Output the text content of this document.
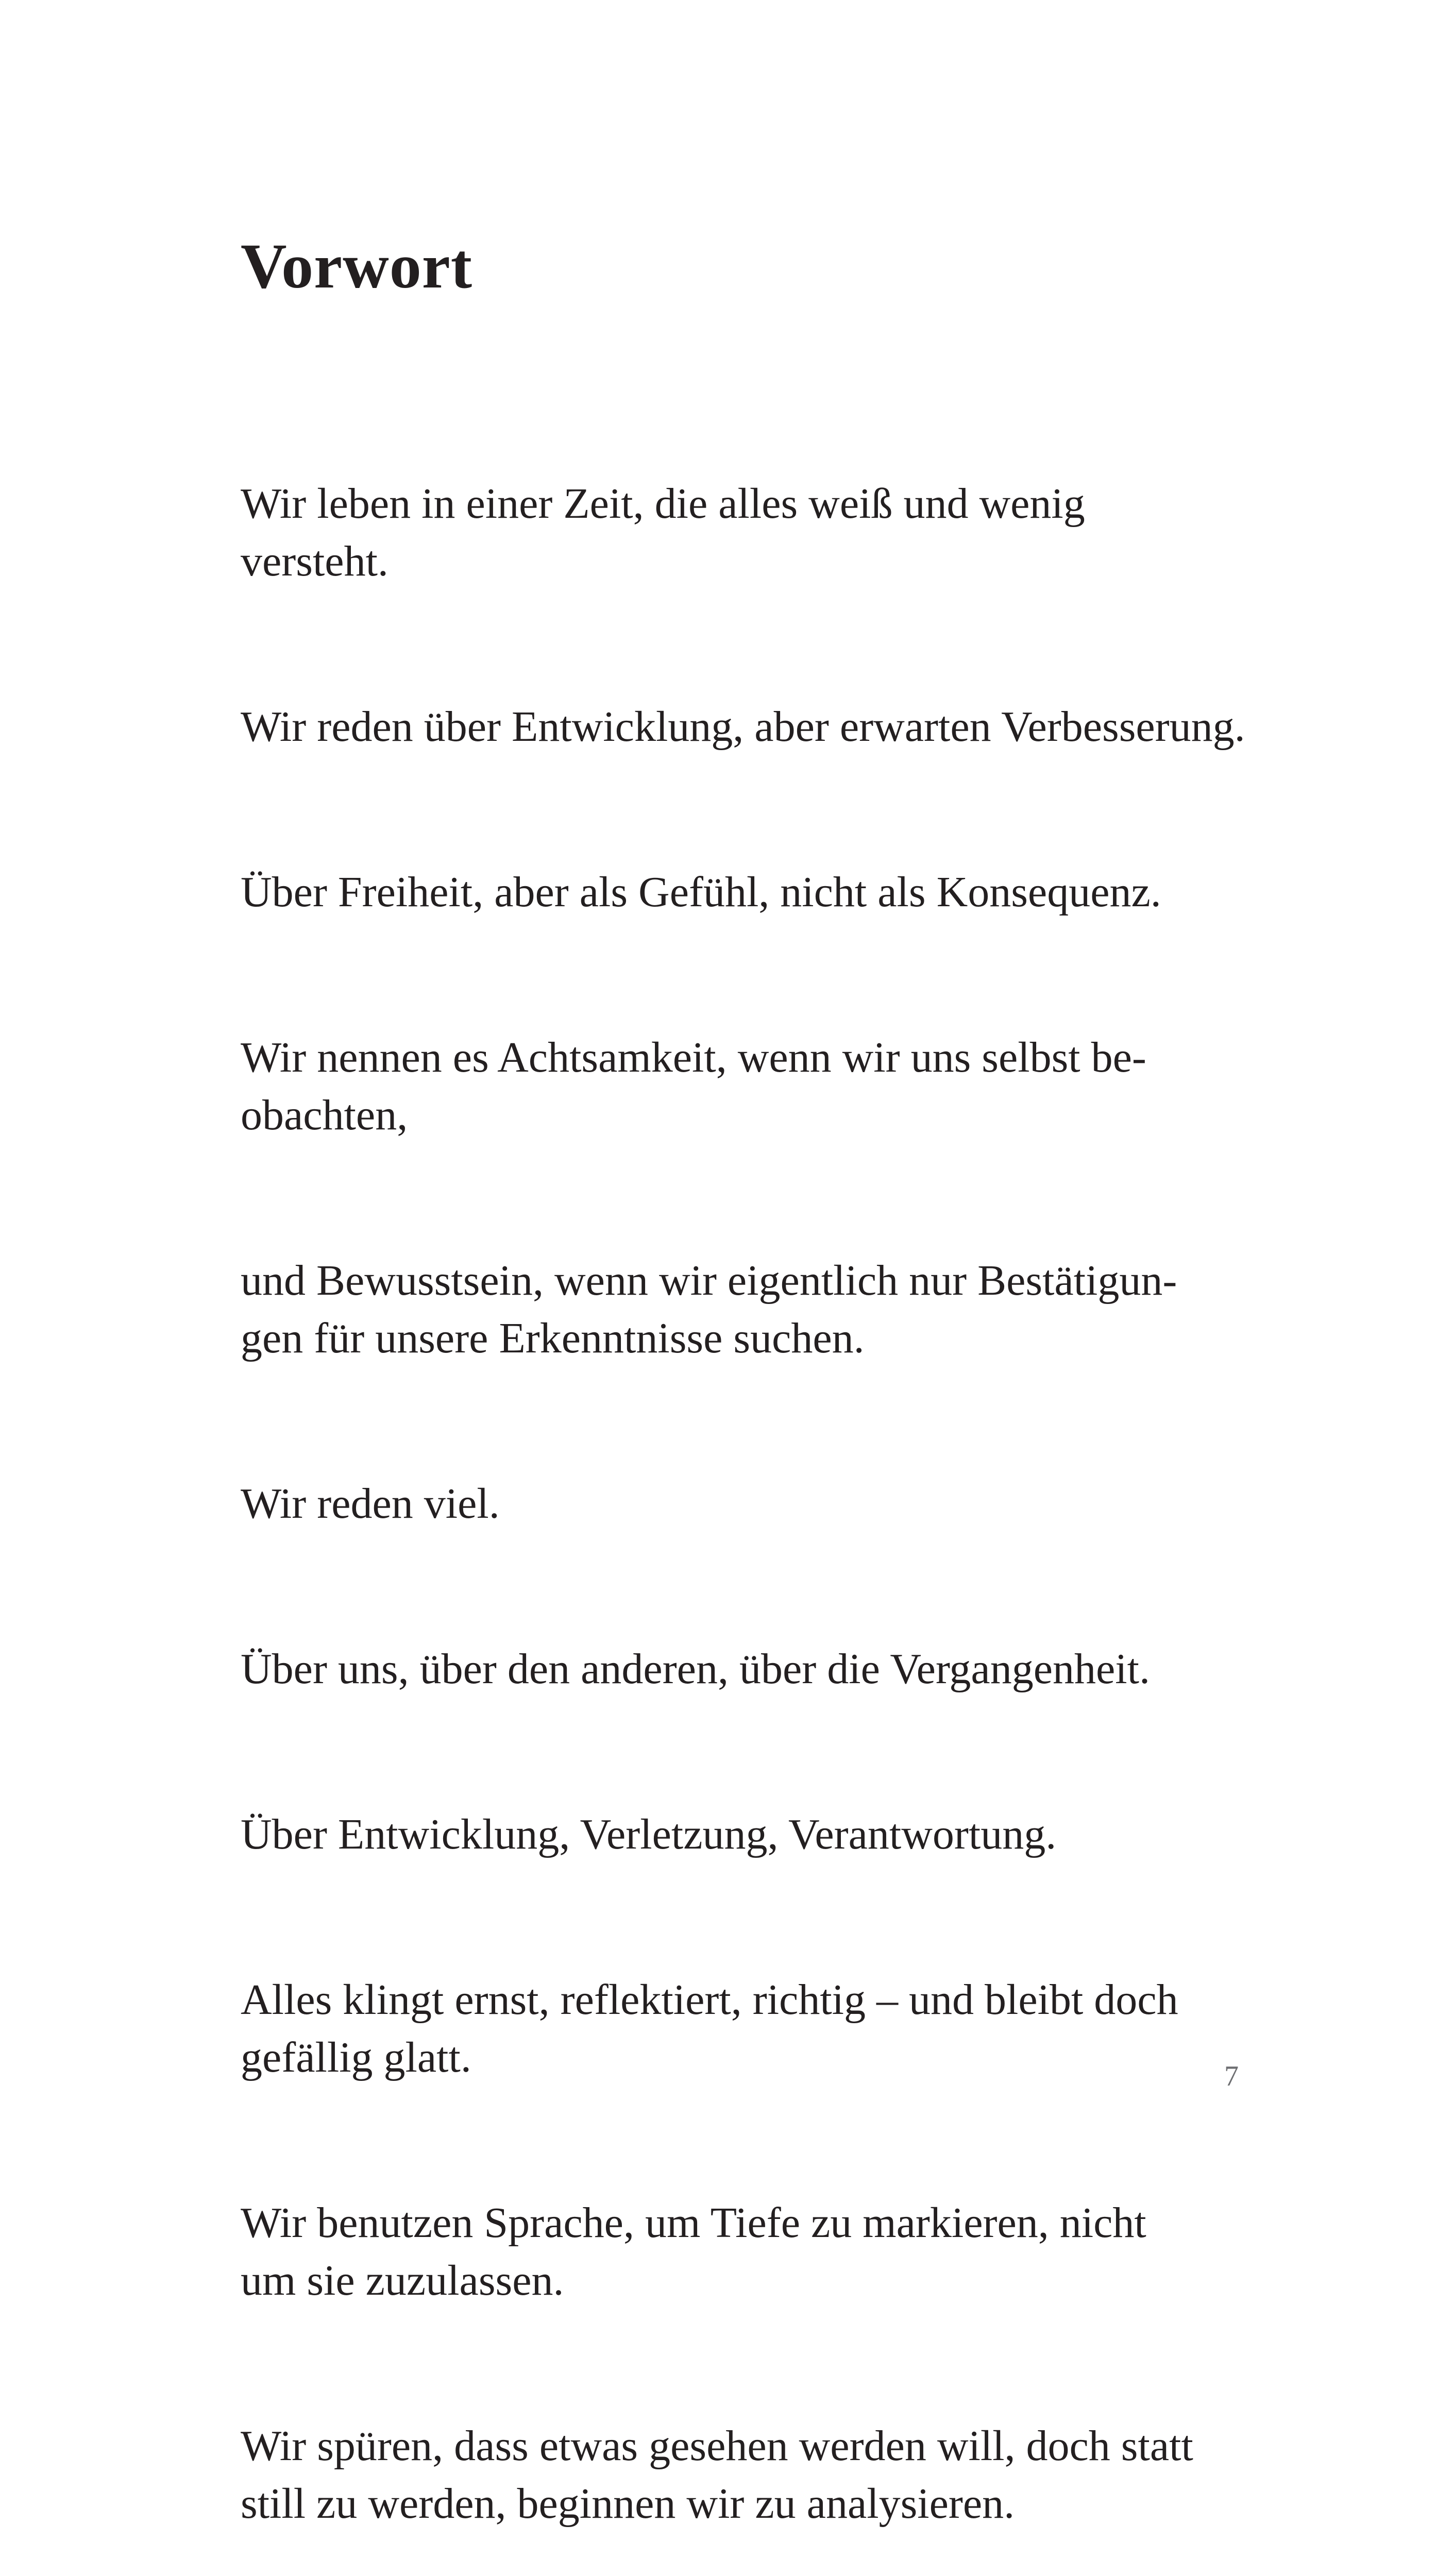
Vorwort

Wir leben in einer Zeit, die alles weiß und wenig
versteht.

Wir reden über Entwicklung, aber erwarten Verbesserung.

Über Freiheit, aber als Gefühl, nicht als Konsequenz.

Wir nennen es Achtsamkeit, wenn wir uns selbst be-
obachten,

und Bewusstsein, wenn wir eigentlich nur Bestätigun-
gen für unsere Erkenntnisse suchen.

Wir reden viel.

Über uns, über den anderen, über die Vergangenheit.

Über Entwicklung, Verletzung, Verantwortung.

Alles klingt ernst, reflektiert, richtig – und bleibt doch
gefällig glatt.

Wir benutzen Sprache, um Tiefe zu markieren, nicht
um sie zuzulassen.

Wir spüren, dass etwas gesehen werden will, doch statt
still zu werden, beginnen wir zu analysieren.

7
